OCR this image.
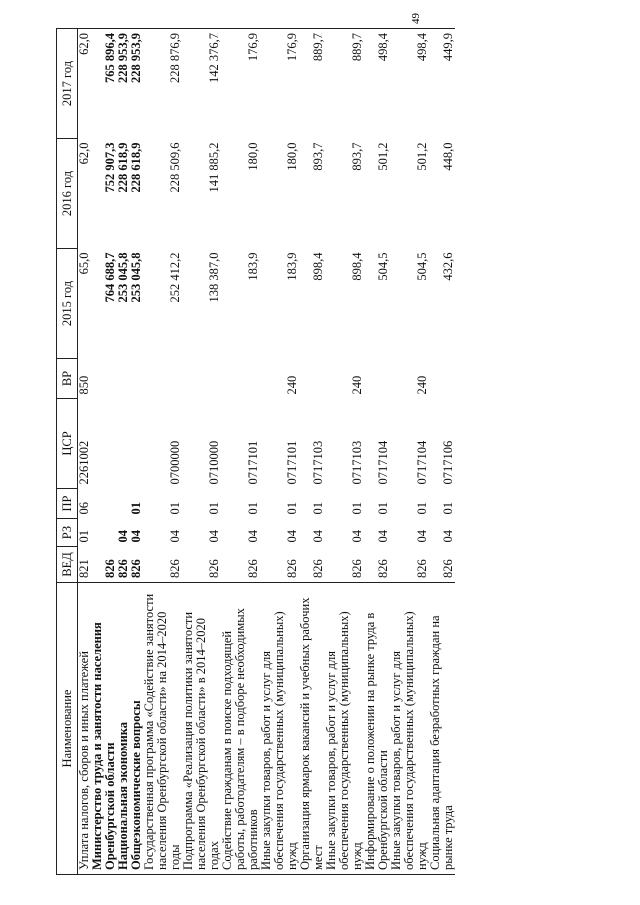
49
Наименование	ВЕД	РЗ	ПР	ЦСР	ВР	2015 год	2016 год	2017 год
Уплата налогов, сборов и иных платежей	821	01	06	2261002	850	65,0	62,0	62,0
Министерство труда и занятости населения Оренбургской области	826					764 688,7	752 907,3	765 896,4
Национальная экономика	826	04				253 045,8	228 618,9	228 953,9
Общеэкономические вопросы	826	04	01			253 045,8	228 618,9	228 953,9
Государственная программа «Содействие занятости населения Оренбургской области» на 2014–2020 годы	826	04	01	0700000		252 412,2	228 509,6	228 876,9
Подпрограмма «Реализация политики занятости населения Оренбургской области» в 2014–2020 годах	826	04	01	0710000		138 387,0	141 885,2	142 376,7
Содействие гражданам в поиске подходящей работы, работодателям – в подборе необходимых работников	826	04	01	0717101		183,9	180,0	176,9
Иные закупки товаров, работ и услуг для обеспечения государственных (муниципальных) нужд	826	04	01	0717101	240	183,9	180,0	176,9
Организация ярмарок вакансий и учебных рабочих мест	826	04	01	0717103		898,4	893,7	889,7
Иные закупки товаров, работ и услуг для обеспечения государственных (муниципальных) нужд	826	04	01	0717103	240	898,4	893,7	889,7
Информирование о положении на рынке труда в Оренбургской области	826	04	01	0717104		504,5	501,2	498,4
Иные закупки товаров, работ и услуг для обеспечения государственных (муниципальных) нужд	826	04	01	0717104	240	504,5	501,2	498,4
Социальная адаптация безработных граждан на рынке труда	826	04	01	0717106		432,6	448,0	449,9
